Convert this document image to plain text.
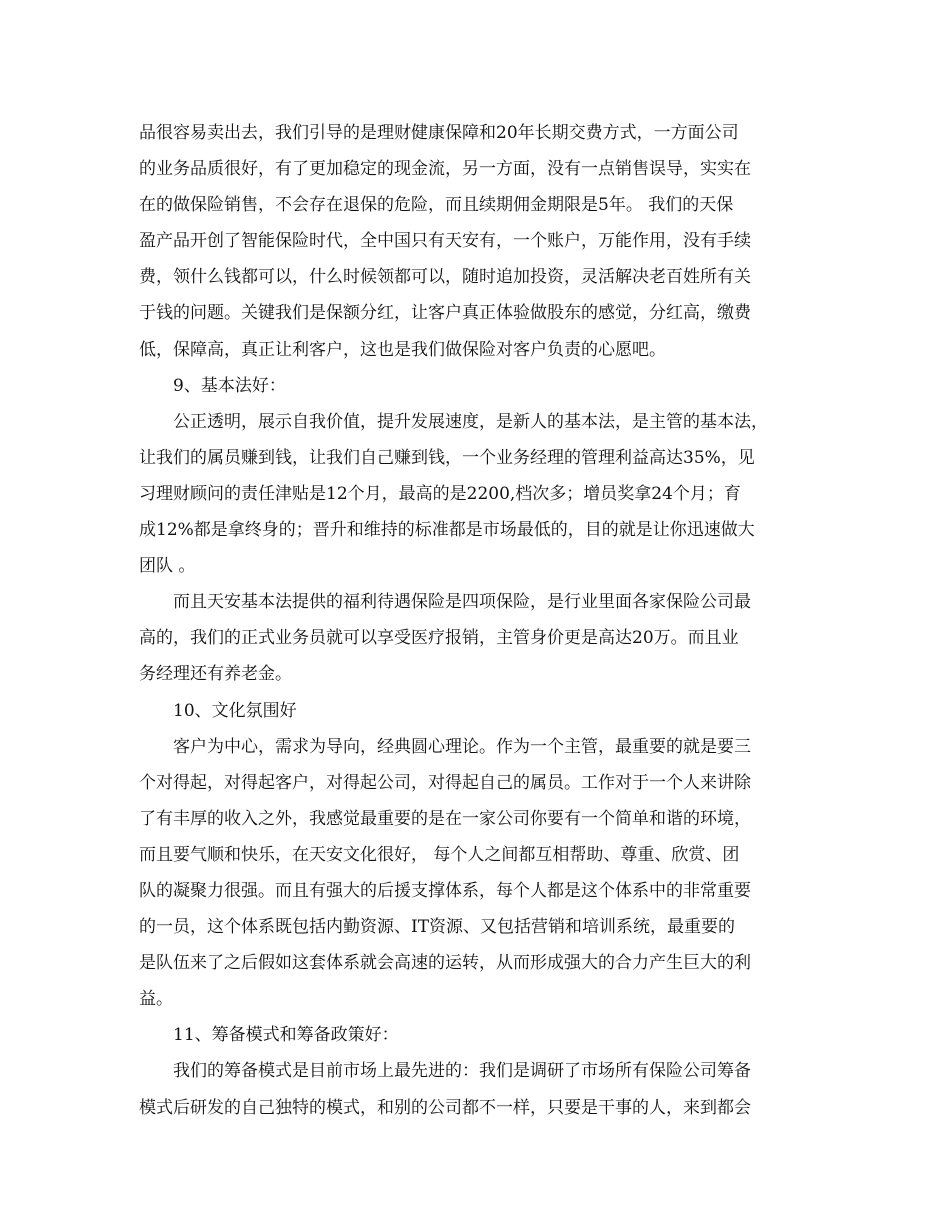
品很容易卖出去，我们引导的是理财健康保障和20年长期交费方式，一方面公司

的业务品质很好，有了更加稳定的现金流，另一方面，没有一点销售误导，实实在

在的做保险销售，不会存在退保的危险，而且续期佣金期限是5年。 我们的天保

盈产品开创了智能保险时代，全中国只有天安有，一个账户，万能作用，没有手续

费，领什么钱都可以，什么时候领都可以，随时追加投资，灵活解决老百姓所有关

于钱的问题。关键我们是保额分红，让客户真正体验做股东的感觉，分红高，缴费

低，保障高，真正让利客户，这也是我们做保险对客户负责的心愿吧。

9、基本法好：

公正透明，展示自我价值，提升发展速度，是新人的基本法，是主管的基本法，

让我们的属员赚到钱，让我们自己赚到钱，一个业务经理的管理利益高达35%，见

习理财顾问的责任津贴是12个月，最高的是2200,档次多；增员奖拿24个月；育

成12%都是拿终身的；晋升和维持的标准都是市场最低的，目的就是让你迅速做大

团队 。

而且天安基本法提供的福利待遇保险是四项保险，是行业里面各家保险公司最

高的，我们的正式业务员就可以享受医疗报销，主管身价更是高达20万。而且业

务经理还有养老金。

10、文化氛围好

客户为中心，需求为导向，经典圆心理论。作为一个主管，最重要的就是要三

个对得起，对得起客户，对得起公司，对得起自己的属员。工作对于一个人来讲除

了有丰厚的收入之外，我感觉最重要的是在一家公司你要有一个简单和谐的环境，

而且要气顺和快乐，在天安文化很好， 每个人之间都互相帮助、尊重、欣赏、团

队的凝聚力很强。而且有强大的后援支撑体系，每个人都是这个体系中的非常重要

的一员，这个体系既包括内勤资源、IT资源、又包括营销和培训系统，最重要的

是队伍来了之后假如这套体系就会高速的运转，从而形成强大的合力产生巨大的利

益。

11、筹备模式和筹备政策好：

我们的筹备模式是目前市场上最先进的：我们是调研了市场所有保险公司筹备

模式后研发的自己独特的模式，和别的公司都不一样，只要是干事的人，来到都会
